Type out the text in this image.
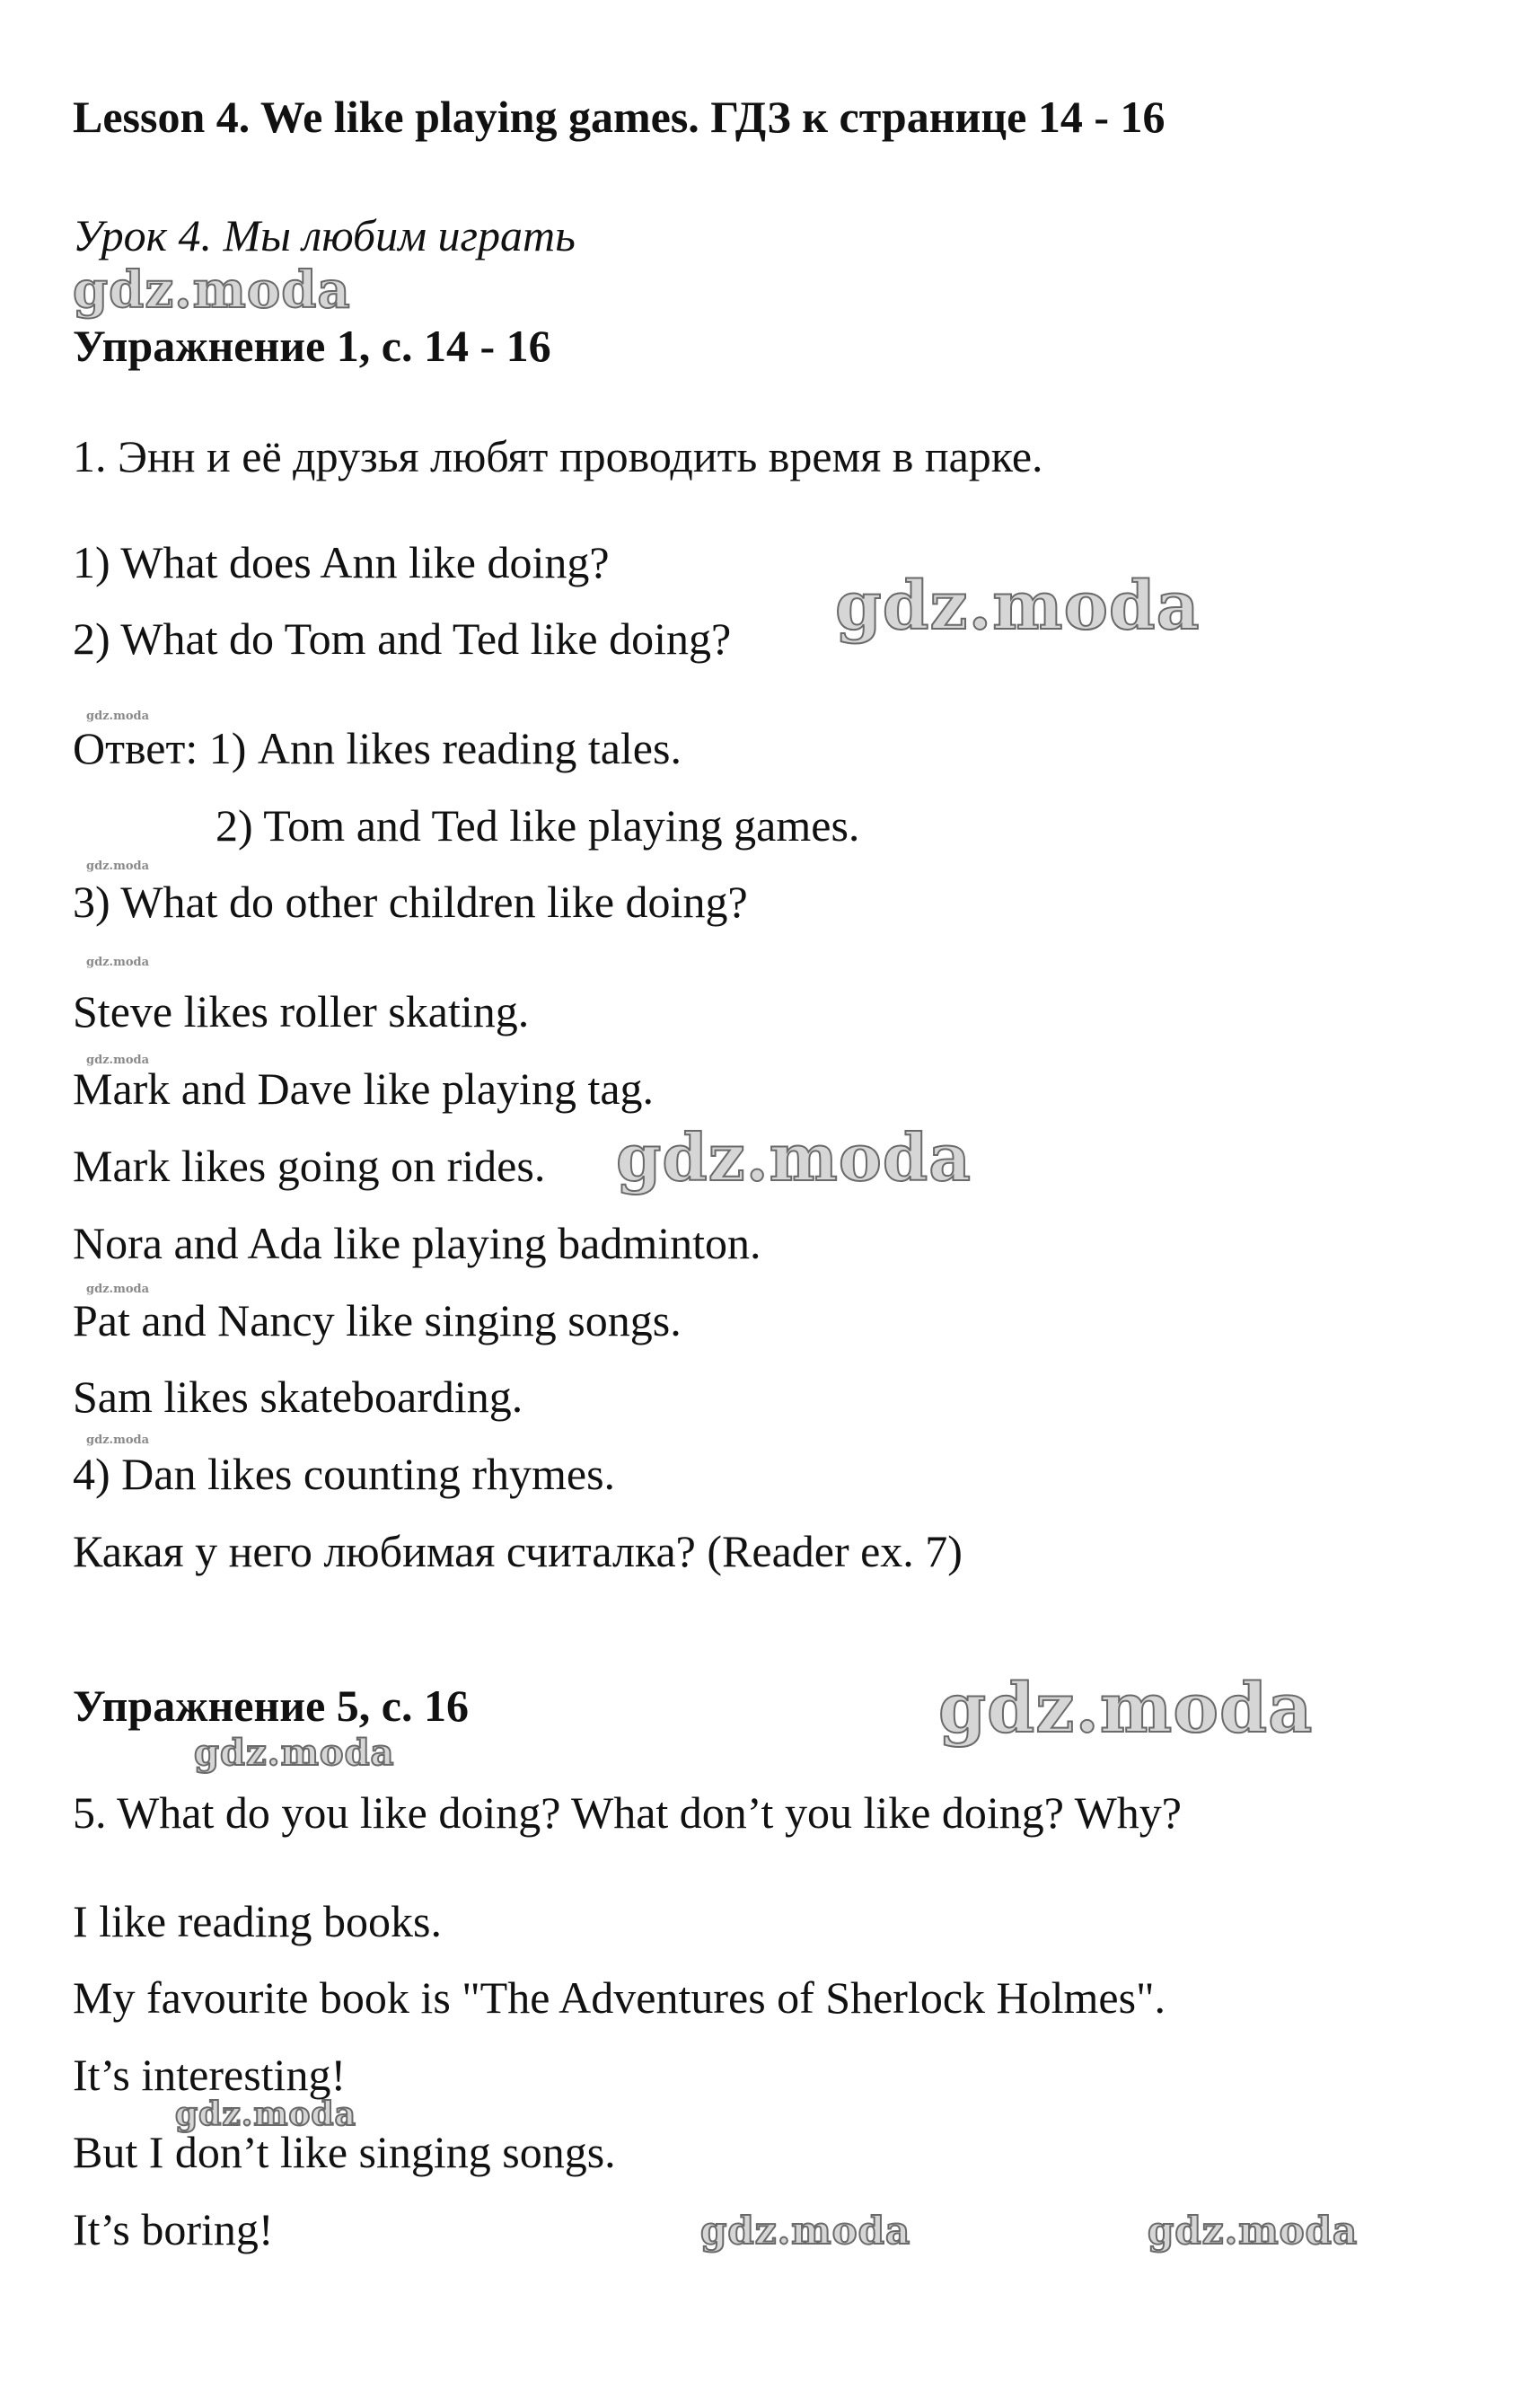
Lesson 4. We like playing games. ГДЗ к странице 14 - 16

Урок 4. Мы любим играть

gdz.moda

Упражнение 1, с. 14 - 16

1. Энн и её друзья любят проводить время в парке.

1) What does Ann like doing?

2) What do Tom and Ted like doing? gdz.moda

gdz.moda

Ответ: 1) Ann likes reading tales.

2) Tom and Ted like playing games.

gdz.moda

3) What do other children like doing?

gdz.moda

Steve likes roller skating.

gdz.moda

Mark and Dave like playing tag.

Mark likes going on rides. gdz.moda

Nora and Ada like playing badminton.

gdz.moda

Pat and Nancy like singing songs.

Sam likes skateboarding.

gdz.moda

4) Dan likes counting rhymes.

Какая у него любимая считалка? (Reader ex. 7)

Упражнение 5, с. 16	gdz.moda

gdz.moda

5. What do you like doing? What don’t you like doing? Why?

I like reading books.

My favourite book is "The Adventures of Sherlock Holmes".

It’s interesting!

gdz.moda

But I don’t like singing songs.

It’s boring!	gdz.moda	gdz.moda
